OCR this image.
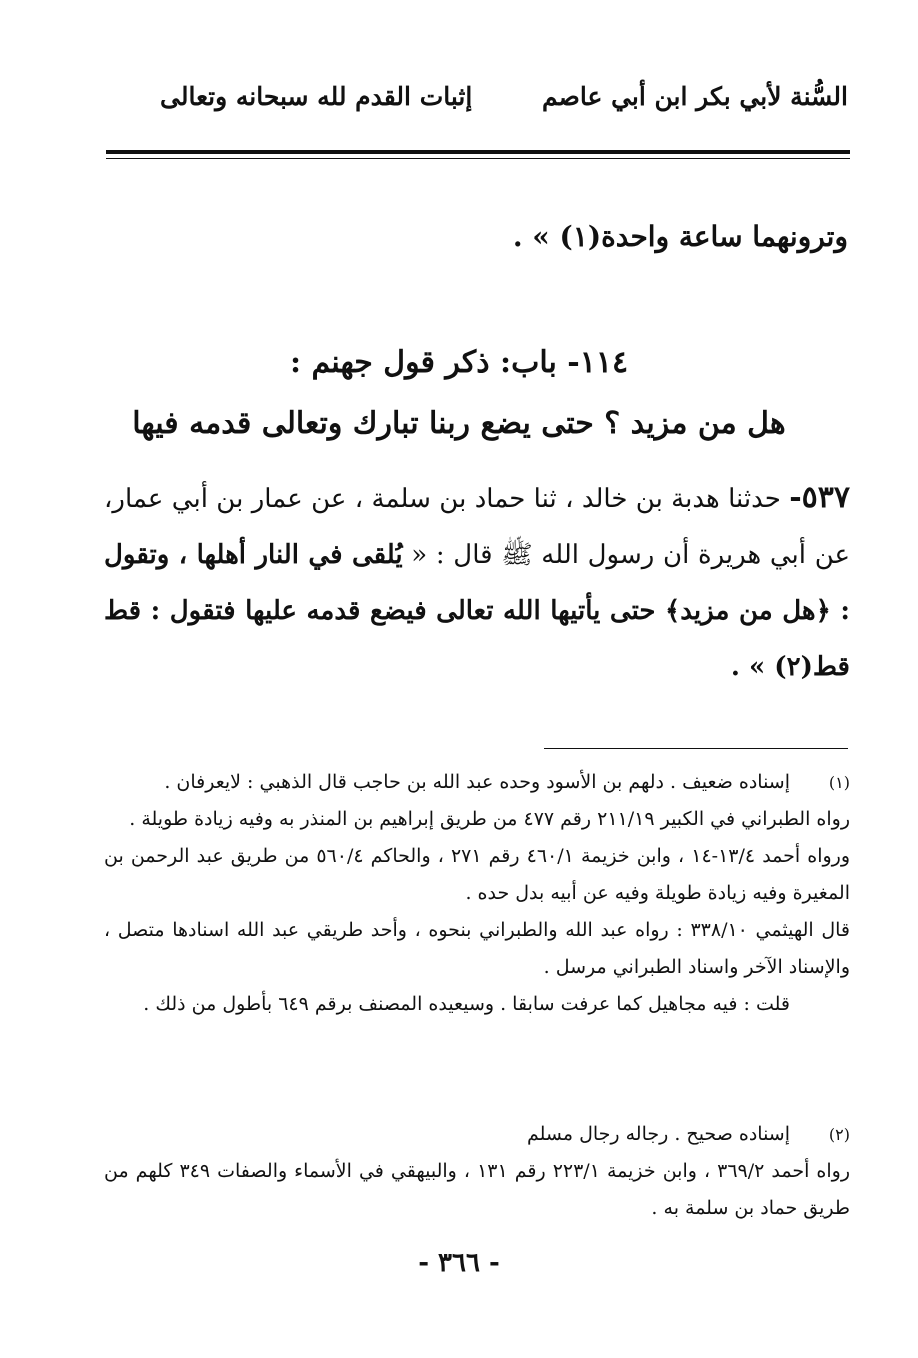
السُّنة لأبي بكر ابن أبي عاصم
إثبات القدم لله سبحانه وتعالى
وترونهما ساعة واحدة(١) » .
١١٤- باب: ذكر قول جهنم :
هل من مزيد ؟ حتى يضع ربنا تبارك وتعالى قدمه فيها
٥٣٧- حدثنا هدبة بن خالد ، ثنا حماد بن سلمة ، عن عمار بن أبي عمار، عن أبي هريرة أن رسول الله ﷺ قال : « يُلقى في النار أهلها ، وتقول : ﴿هل من مزيد﴾ حتى يأتيها الله تعالى فيضع قدمه عليها فتقول : قط قط(٢) » .
(١)
إسناده ضعيف . دلهم بن الأسود وحده عبد الله بن حاجب قال الذهبي : لايعرفان .
رواه الطبراني في الكبير ٢١١/١٩ رقم ٤٧٧ من طريق إبراهيم بن المنذر به وفيه زيادة طويلة .
ورواه أحمد ١٣/٤-١٤ ، وابن خزيمة ٤٦٠/١ رقم ٢٧١ ، والحاكم ٥٦٠/٤ من طريق عبد الرحمن بن المغيرة وفيه زيادة طويلة وفيه عن أبيه بدل حده .
قال الهيثمي ٣٣٨/١٠ : رواه عبد الله والطبراني بنحوه ، وأحد طريقي عبد الله اسنادها متصل ، والإسناد الآخر واسناد الطبراني مرسل .
قلت : فيه مجاهيل كما عرفت سابقا . وسيعيده المصنف برقم ٦٤٩ بأطول من ذلك .
(٢)
إسناده صحيح . رجاله رجال مسلم
رواه أحمد ٣٦٩/٢ ، وابن خزيمة ٢٢٣/١ رقم ١٣١ ، والبيهقي في الأسماء والصفات ٣٤٩ كلهم من طريق حماد بن سلمة به .
- ٣٦٦ -
